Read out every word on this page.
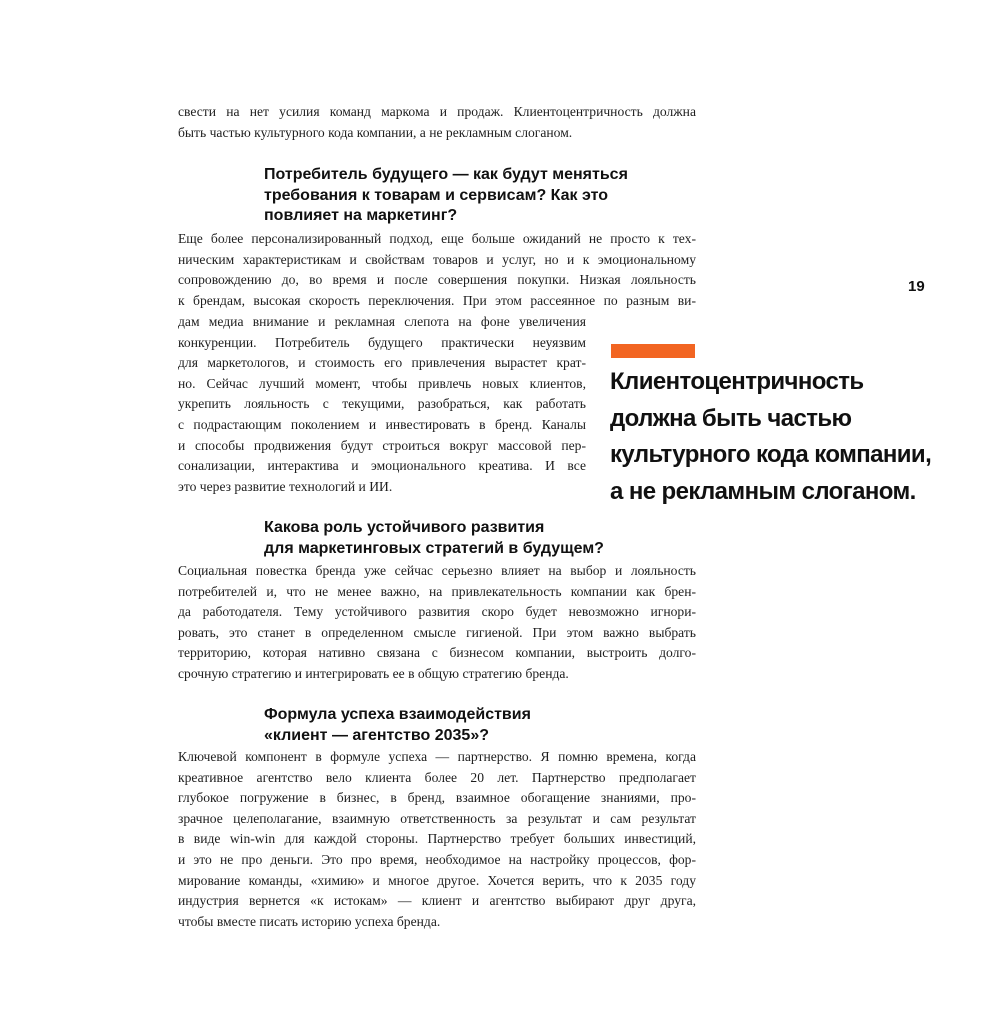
свести на нет усилия команд маркома и продаж. Клиентоцентричность должна
быть частью культурного кода компании, а не рекламным слоганом.
Потребитель будущего — как будут меняться
требования к товарам и сервисам? Как это
повлияет на маркетинг?
Еще более персонализированный подход, еще больше ожиданий не просто к тех-
ническим характеристикам и свойствам товаров и услуг, но и к эмоциональному
сопровождению до, во время и после совершения покупки. Низкая лояльность
к брендам, высокая скорость переключения. При этом рассеянное по разным ви-
дам медиа внимание и рекламная слепота на фоне увеличения
конкуренции. Потребитель будущего практически неуязвим
для маркетологов, и стоимость его привлечения вырастет крат-
но. Сейчас лучший момент, чтобы привлечь новых клиентов,
укрепить лояльность с текущими, разобраться, как работать
с подрастающим поколением и инвестировать в бренд. Каналы
и способы продвижения будут строиться вокруг массовой пер-
сонализации, интерактива и эмоционального креатива. И все
это через развитие технологий и ИИ.
Какова роль устойчивого развития
для маркетинговых стратегий в будущем?
Социальная повестка бренда уже сейчас серьезно влияет на выбор и лояльность
потребителей и, что не менее важно, на привлекательность компании как брен-
да работодателя. Тему устойчивого развития скоро будет невозможно игнори-
ровать, это станет в определенном смысле гигиеной. При этом важно выбрать
территорию, которая нативно связана с бизнесом компании, выстроить долго-
срочную стратегию и интегрировать ее в общую стратегию бренда.
Формула успеха взаимодействия
«клиент — агентство 2035»?
Ключевой компонент в формуле успеха — партнерство. Я помню времена, когда
креативное агентство вело клиента более 20 лет. Партнерство предполагает
глубокое погружение в бизнес, в бренд, взаимное обогащение знаниями, про-
зрачное целеполагание, взаимную ответственность за результат и сам результат
в виде win-win для каждой стороны. Партнерство требует больших инвестиций,
и это не про деньги. Это про время, необходимое на настройку процессов, фор-
мирование команды, «химию» и многое другое. Хочется верить, что к 2035 году
индустрия вернется «к истокам» — клиент и агентство выбирают друг друга,
чтобы вместе писать историю успеха бренда.
19

Клиентоцентричность
должна быть частью
культурного кода компании,
а не рекламным слоганом.
